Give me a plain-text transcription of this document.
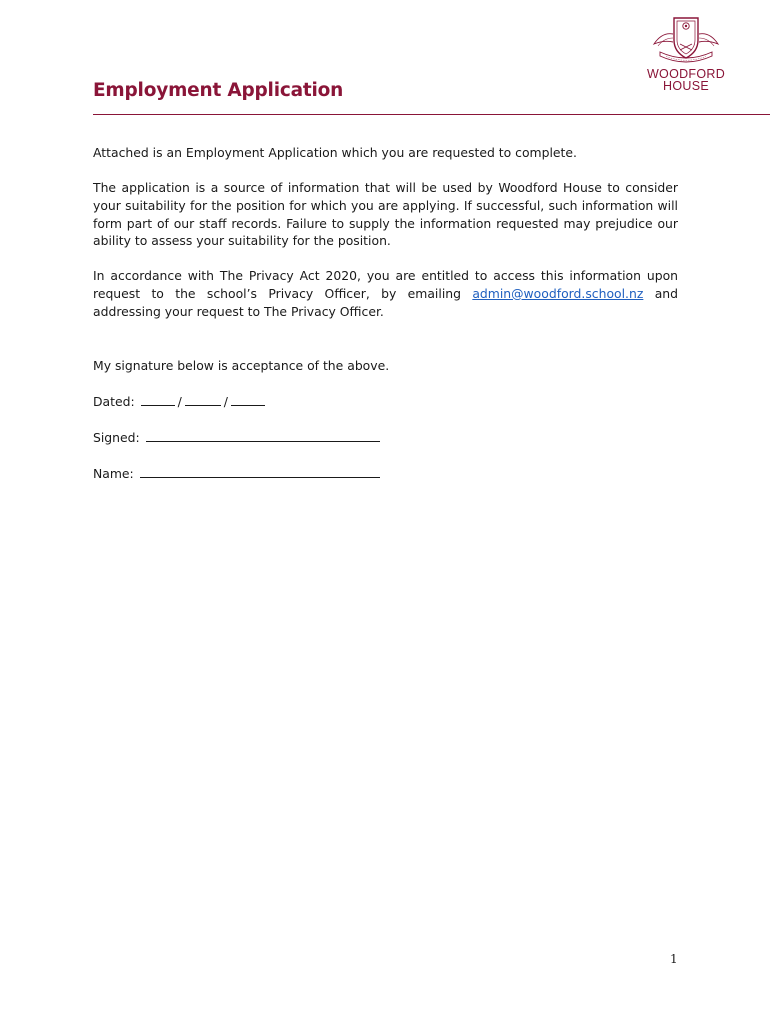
WOODFORD
HOUSE
Employment Application

Attached is an Employment Application which you are requested to complete.

The application is a source of information that will be used by Woodford House to consider your suitability for the position for which you are applying. If successful, such information will form part of our staff records. Failure to supply the information requested may prejudice our ability to assess your suitability for the position.

In accordance with The Privacy Act 2020, you are entitled to access this information upon request to the school’s Privacy Officer, by emailing admin@woodford.school.nz and addressing your request to The Privacy Officer.

My signature below is acceptance of the above.

Dated:	/	/

Signed:

Name:

1
